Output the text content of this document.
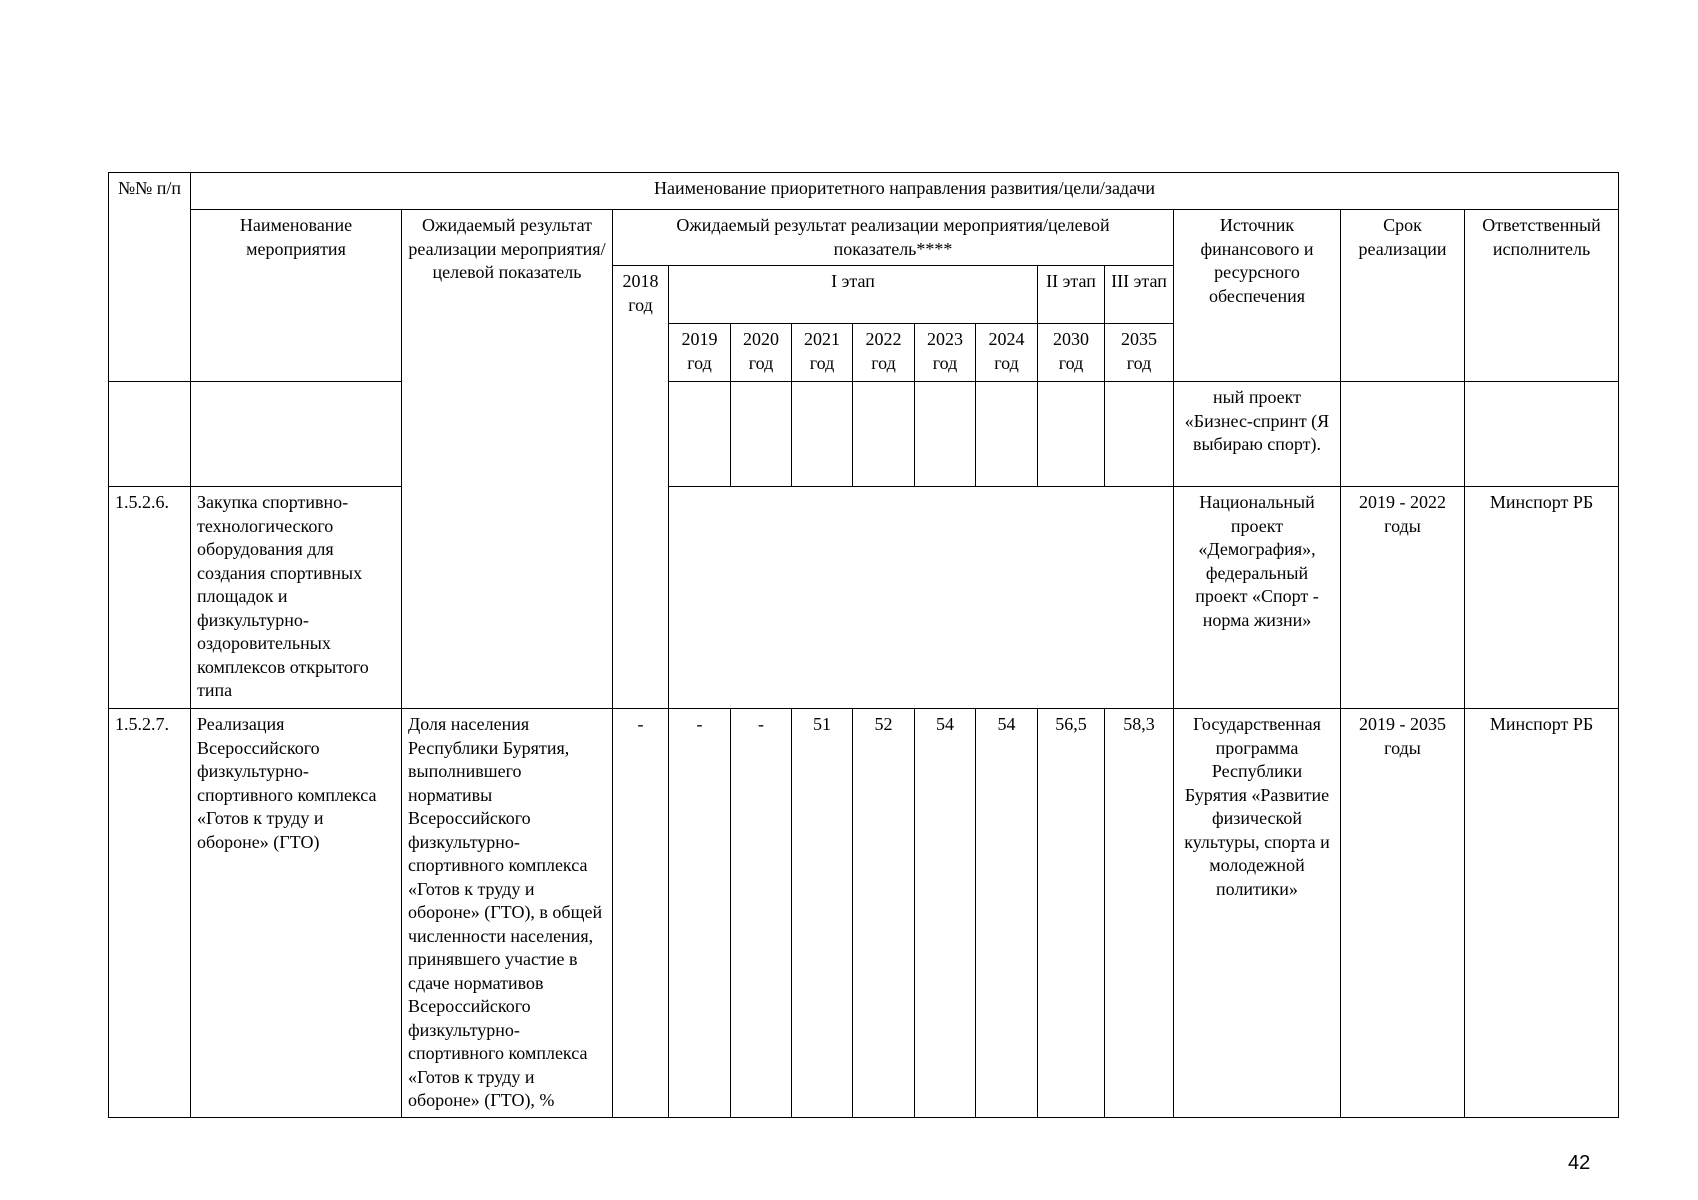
№№ п/п	Наименование приоритетного направления развития/цели/задачи													
	Наименование мероприятия	Ожидаемый результат реализации мероприятия/целевой показатель	Ожидаемый результат реализации мероприятия/целевой показатель****									Источник финансового и ресурсного обеспечения	Срок реализации	Ответственный исполнитель
			2018 год	I этап						II этап	III этап			
				2019 год	2020 год	2021 год	2022 год	2023 год	2024 год	2030 год	2035 год			
												ный проект «Бизнес-спринт (Я выбираю спорт).		
1.5.2.6.	Закупка спортивно-технологического оборудования для создания спортивных площадок и физкультурно-оздоровительных комплексов открытого типа											Национальный проект «Демография», федеральный проект «Спорт - норма жизни»	2019 - 2022 годы	Минспорт РБ
1.5.2.7.	Реализация Всероссийского физкультурно-спортивного комплекса «Готов к труду и обороне» (ГТО)	Доля населения Республики Бурятия, выполнившего нормативы Всероссийского физкультурно-спортивного комплекса «Готов к труду и обороне» (ГТО), в общей численности населения, принявшего участие в сдаче нормативов Всероссийского физкультурно-спортивного комплекса «Готов к труду и обороне» (ГТО), %	-	-	-	51	52	54	54	56,5	58,3	Государственная программа Республики Бурятия «Развитие физической культуры, спорта и молодежной политики»	2019 - 2035 годы	Минспорт РБ
42
